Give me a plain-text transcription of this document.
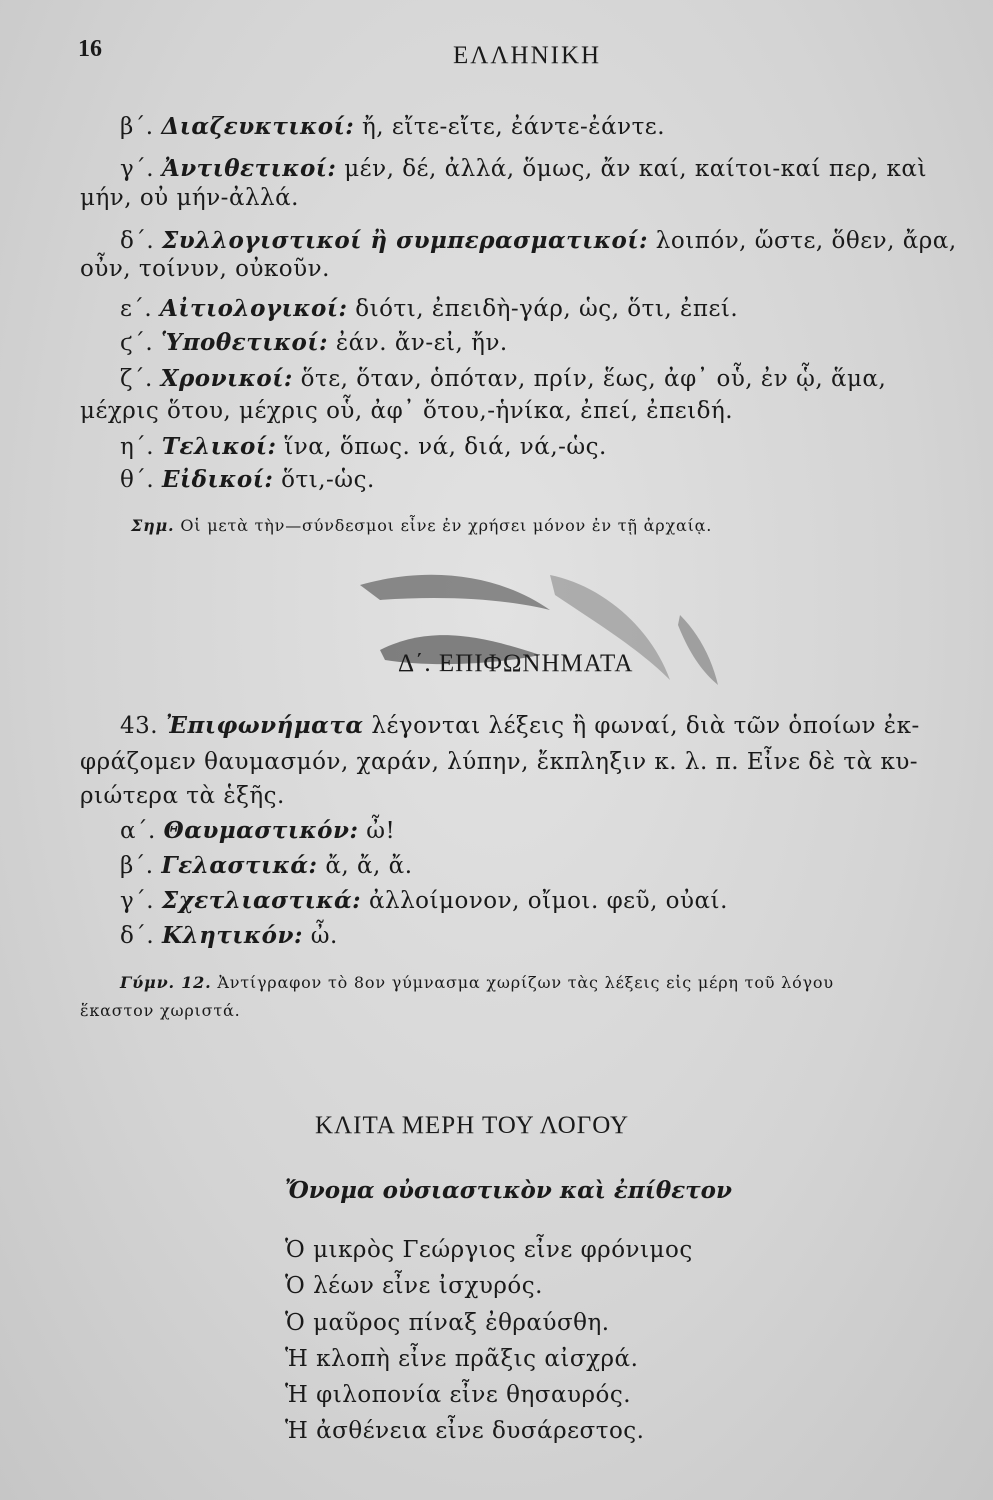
16	ΕΛΛΗΝΙΚΗ
β΄. Διαζευκτικοί: ἤ, εἴτε-εἴτε, ἐάντε-ἐάντε.
γ΄. Ἀντιθετικοί: μέν, δέ, ἀλλά, ὅμως, ἄν καί, καίτοι-καί περ, καὶ
μήν, οὐ μήν-ἀλλά.
δ΄. Συλλογιστικοί ἢ συμπερασματικοί: λοιπόν, ὥστε, ὅθεν, ἄρα,
οὖν, τοίνυν, οὐκοῦν.
ε΄. Αἰτιολογικοί: διότι, ἐπειδὴ-γάρ, ὡς, ὅτι, ἐπεί.
ϛ΄. Ὑποθετικοί: ἐάν. ἄν-εἰ, ἤν.
ζ΄. Χρονικοί: ὅτε, ὅταν, ὁπόταν, πρίν, ἕως, ἀφ᾽ οὗ, ἐν ᾧ, ἅμα,
μέχρις ὅτου, μέχρις οὗ, ἀφ᾽ ὅτου,-ἡνίκα, ἐπεί, ἐπειδή.
η΄. Τελικοί: ἵνα, ὅπως. νά, διά, νά,-ὡς.
θ΄. Εἰδικοί: ὅτι,-ὡς.
Σημ. Οἱ μετὰ τὴν—σύνδεσμοι εἶνε ἐν χρήσει μόνον ἐν τῇ ἀρχαίᾳ.
Δ΄. ΕΠΙΦΩΝΗΜΑΤΑ
43. Ἐπιφωνήματα λέγονται λέξεις ἢ φωναί, διὰ τῶν ὁποίων ἐκ-
φράζομεν θαυμασμόν, χαράν, λύπην, ἔκπληξιν κ. λ. π. Εἶνε δὲ τὰ κυ-
ριώτερα τὰ ἑξῆς.
α΄. Θαυμαστικόν: ὦ!
β΄. Γελαστικά: ἄ, ἄ, ἄ.
γ΄. Σχετλιαστικά: ἀλλοίμονον, οἴμοι. φεῦ, οὐαί.
δ΄. Κλητικόν: ὦ.
Γύμν. 12. Ἀντίγραφον τὸ 8ον γύμνασμα χωρίζων τὰς λέξεις εἰς μέρη τοῦ λόγου
ἕκαστον χωριστά.
ΚΛΙΤΑ ΜΕΡΗ ΤΟΥ ΛΟΓΟΥ
Ὄνομα οὐσιαστικὸν καὶ ἐπίθετον
Ὁ μικρὸς Γεώργιος εἶνε φρόνιμος
Ὁ λέων εἶνε ἰσχυρός.
Ὁ μαῦρος πίναξ ἐθραύσθη.
Ἡ κλοπὴ εἶνε πρᾶξις αἰσχρά.
Ἡ φιλοπονία εἶνε θησαυρός.
Ἡ ἀσθένεια εἶνε δυσάρεστος.
